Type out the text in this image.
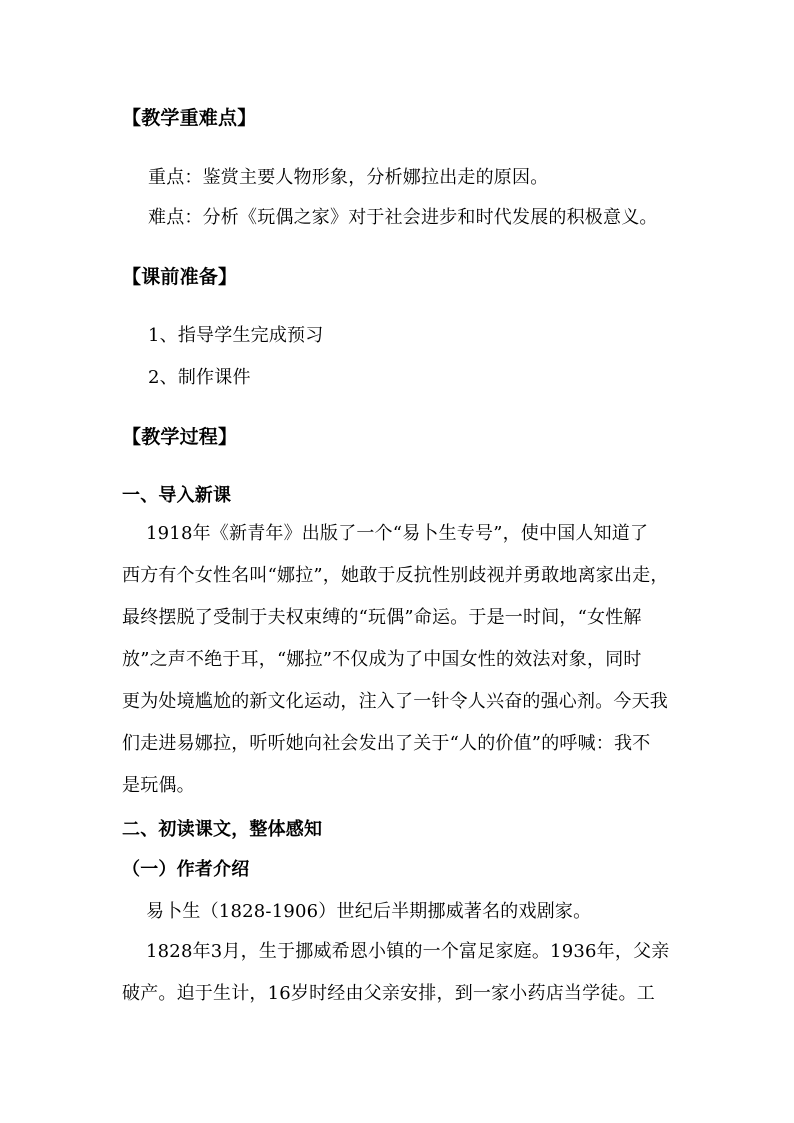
【教学重难点】
重点：鉴赏主要人物形象，分析娜拉出走的原因。
难点：分析《玩偶之家》对于社会进步和时代发展的积极意义。
【课前准备】
1、指导学生完成预习
2、制作课件
【教学过程】
一、导入新课
1918年《新青年》出版了一个“易卜生专号”，使中国人知道了
西方有个女性名叫“娜拉”，她敢于反抗性别歧视并勇敢地离家出走，
最终摆脱了受制于夫权束缚的“玩偶”命运。于是一时间，“女性解
放”之声不绝于耳，“娜拉”不仅成为了中国女性的效法对象，同时
更为处境尴尬的新文化运动，注入了一针令人兴奋的强心剂。今天我
们走进易娜拉，听听她向社会发出了关于“人的价值”的呼喊：我不
是玩偶。
二、初读课文，整体感知
（一）作者介绍
易卜生（1828-1906）世纪后半期挪威著名的戏剧家。
1828年3月，生于挪威希恩小镇的一个富足家庭。1936年，父亲
破产。迫于生计，16岁时经由父亲安排，到一家小药店当学徒。工
